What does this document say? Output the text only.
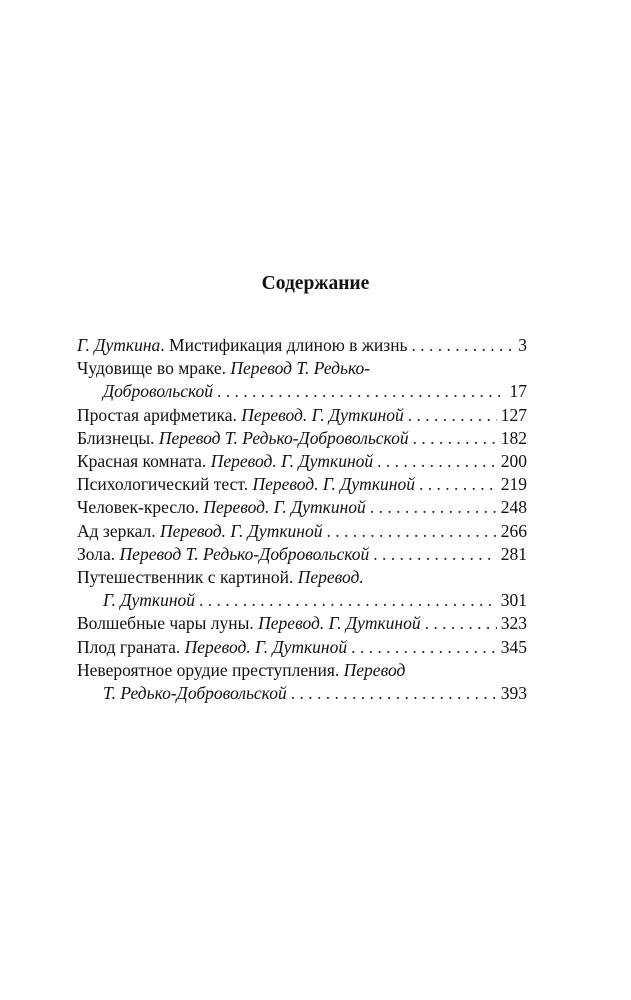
Содержание
Г. Дуткина . Мистификация длиною в жизнь . . .	3
Чудовище во мраке.
Перевод Т. Редько-
Добровольской . . .	17
Простая арифметика.
Перевод. Г. Дуткиной . . .	127
Близнецы.
Перевод Т. Редько-Добровольской . . .	182
Красная комната.
Перевод. Г. Дуткиной . . .	200
Психологический тест.
Перевод. Г. Дуткиной . . .	219
Человек-кресло.
Перевод. Г. Дуткиной . . .	248
Ад зеркал.
Перевод. Г. Дуткиной . . .	266
Зола.
Перевод Т. Редько-Добровольской . . .	281
Путешественник с картиной.
Перевод.
Г. Дуткиной . . .	301
Волшебные чары луны.
Перевод. Г. Дуткиной . . .	323
Плод граната.
Перевод. Г. Дуткиной . . .	345
Невероятное орудие преступления.
Перевод
Т. Редько-Добровольской . . .	393
